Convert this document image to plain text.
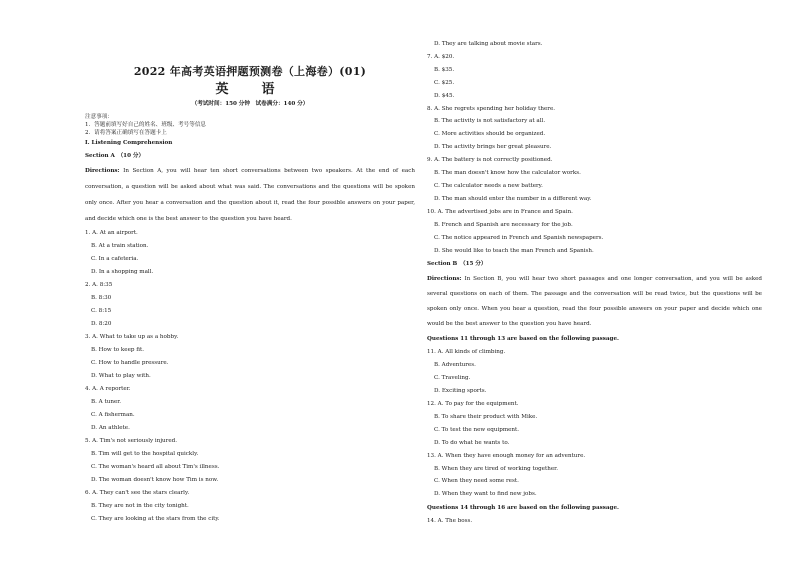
2022 年高考英语押题预测卷（上海卷）(01)
英　语
（考试时间：150 分钟　试卷满分：140 分）
注意事项：
1．答题前填写好自己的姓名、班级、考号等信息
2．请将答案正确填写在答题卡上
I. Listening Comprehension
Section A　（10 分）
Directions: In Section A, you will hear ten short conversations between two speakers. At the end of each conversation, a question will be asked about what was said. The conversations and the questions will be spoken only once. After you hear a conversation and the question about it, read the four possible answers on your paper, and decide which one is the best answer to the question you have heard.
1. A. At an airport.
B. At a train station.
C. In a cafeteria.
D. In a shopping mall.
2. A. 8:35
B. 8:30
C. 8:15
D. 8:20
3. A. What to take up as a hobby.
B. How to keep fit.
C. How to handle pressure.
D. What to play with.
4. A. A reporter.
B. A tuner.
C. A fisherman.
D. An athlete.
5. A. Tim's not seriously injured.
B. Tim will get to the hospital quickly.
C. The woman's heard all about Tim's illness.
D. The woman doesn't know how Tim is now.
6. A. They can't see the stars clearly.
B. They are not in the city tonight.
C. They are looking at the stars from the city.
D. They are talking about movie stars.
7. A. $20.
B. $35.
C. $25.
D. $45.
8. A. She regrets spending her holiday there.
B. The activity is not satisfactory at all.
C. More activities should be organized.
D. The activity brings her great pleasure.
9. A. The battery is not correctly positioned.
B. The man doesn't know how the calculator works.
C. The calculator needs a new battery.
D. The man should enter the number in a different way.
10. A. The advertised jobs are in France and Spain.
B. French and Spanish are necessary for the job.
C. The notice appeared in French and Spanish newspapers.
D. She would like to teach the man French and Spanish.
Section B　（15 分）
Directions: In Section B, you will hear two short passages and one longer conversation, and you will be asked several questions on each of them. The passage and the conversation will be read twice, but the questions will be spoken only once. When you hear a question, read the four possible answers on your paper and decide which one would be the best answer to the question you have heard.
Questions 11 through 13 are based on the following passage.
11. A. All kinds of climbing.
B. Adventures.
C. Traveling.
D. Exciting sports.
12. A. To pay for the equipment.
B. To share their product with Mike.
C. To test the new equipment.
D. To do what he wants to.
13. A. When they have enough money for an adventure.
B. When they are tired of working together.
C. When they need some rest.
D. When they want to find new jobs.
Questions 14 through 16 are based on the following passage.
14. A. The boss.
